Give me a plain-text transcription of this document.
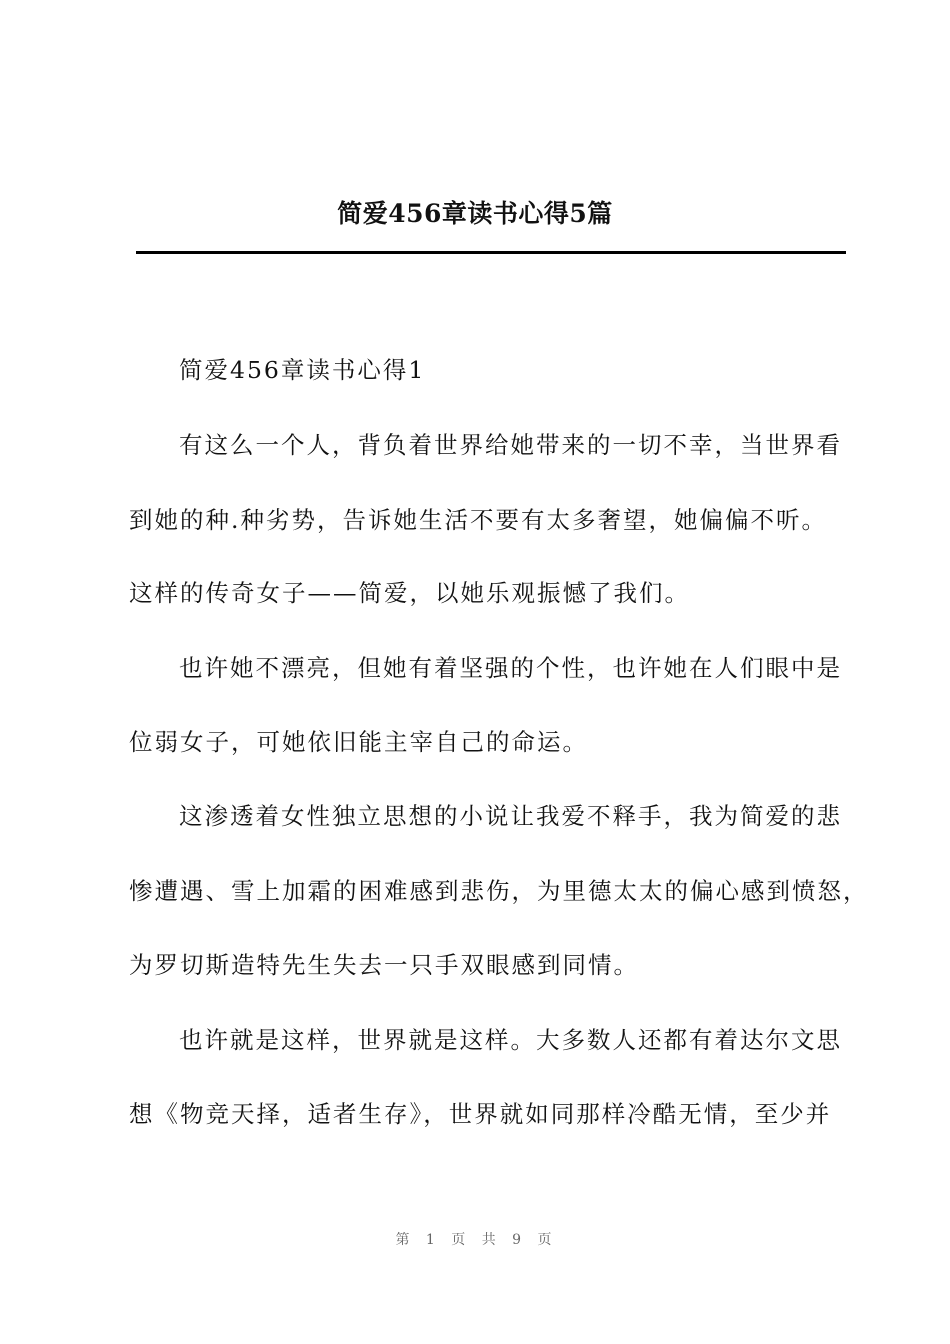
简爱456章读书心得5篇
简爱456章读书心得1
有这么一个人，背负着世界给她带来的一切不幸，当世界看
到她的种.种劣势，告诉她生活不要有太多奢望，她偏偏不听。
这样的传奇女子——简爱，以她乐观振憾了我们。
也许她不漂亮，但她有着坚强的个性，也许她在人们眼中是
位弱女子，可她依旧能主宰自己的命运。
这渗透着女性独立思想的小说让我爱不释手，我为简爱的悲
惨遭遇、雪上加霜的困难感到悲伤，为里德太太的偏心感到愤怒，
为罗切斯造特先生失去一只手双眼感到同情。
也许就是这样，世界就是这样。大多数人还都有着达尔文思
想《物竞天择，适者生存》，世界就如同那样冷酷无情，至少并
第 1 页 共 9 页
